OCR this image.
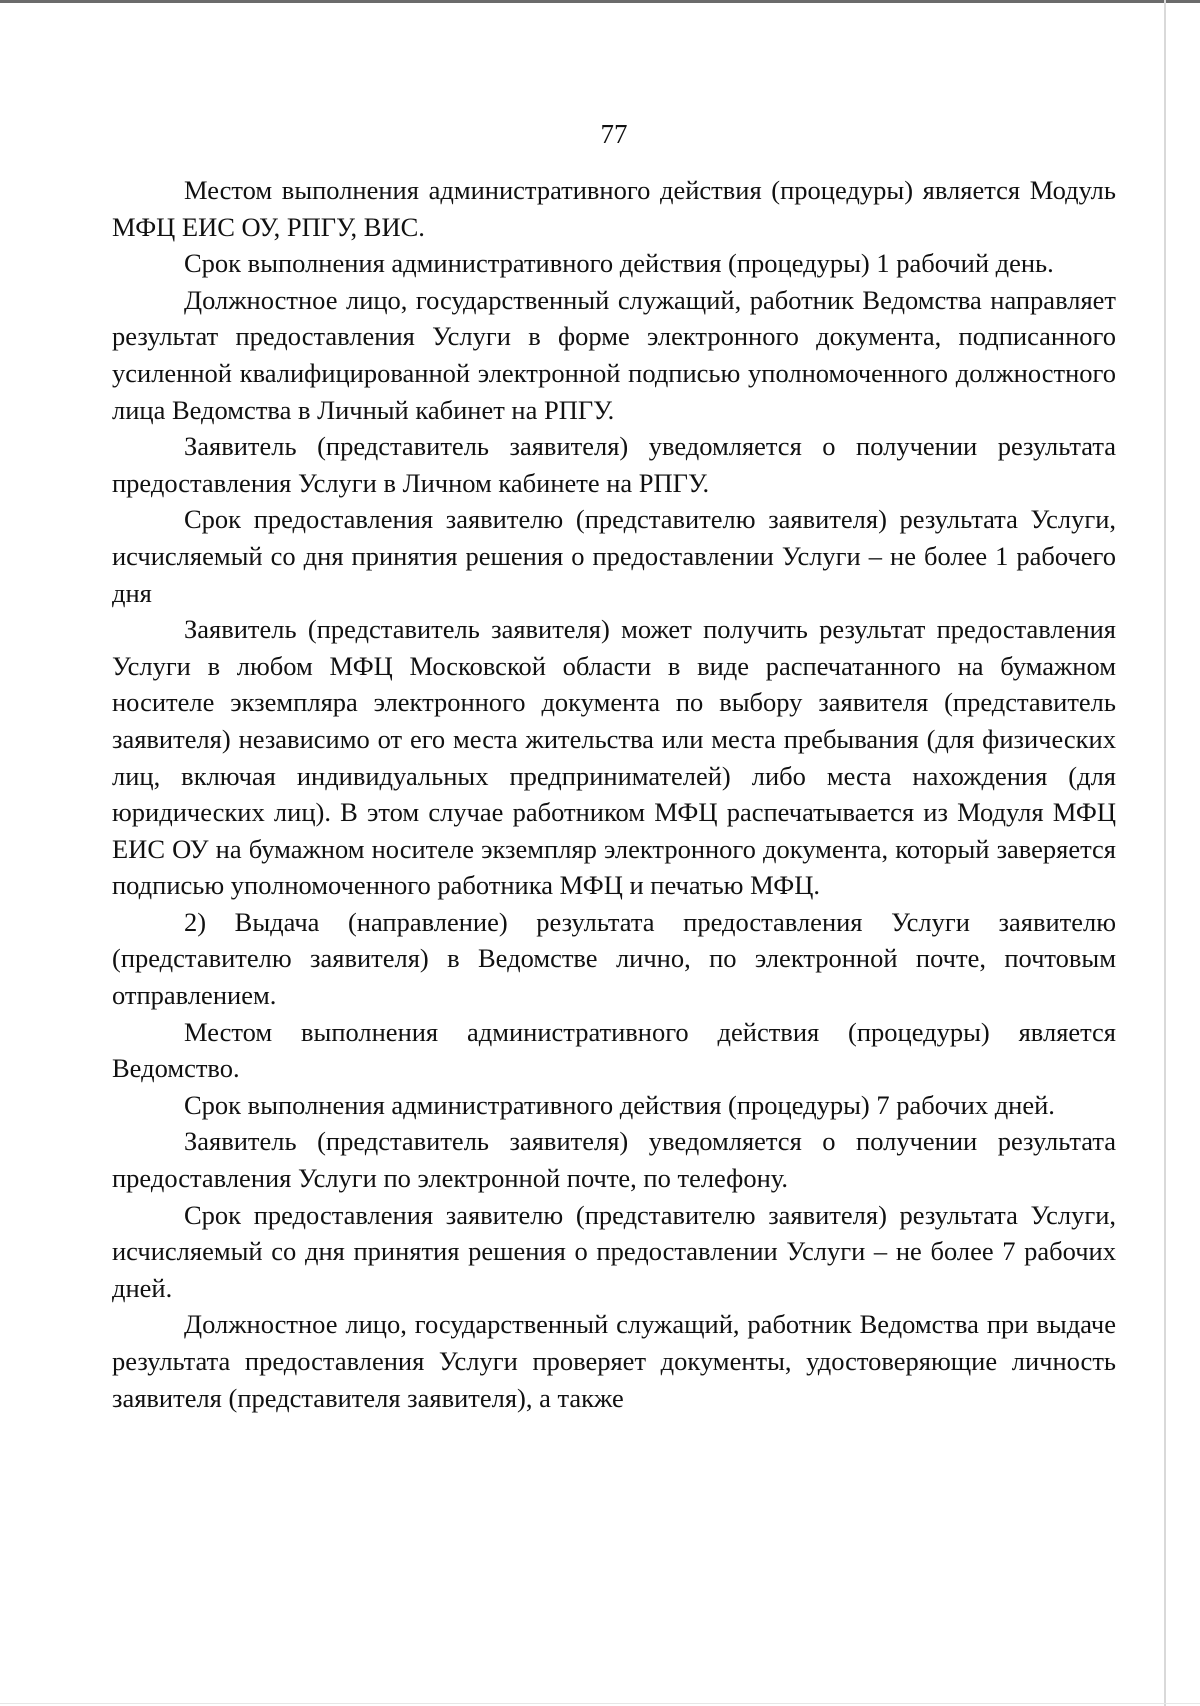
77

Местом выполнения административного действия (процедуры) является Модуль МФЦ ЕИС ОУ, РПГУ, ВИС.

Срок выполнения административного действия (процедуры) 1 рабочий день.

Должностное лицо, государственный служащий, работник Ведомства направляет результат предоставления Услуги в форме электронного документа, подписанного усиленной квалифицированной электронной подписью уполномоченного должностного лица Ведомства в Личный кабинет на РПГУ.

Заявитель (представитель заявителя) уведомляется о получении результата предоставления Услуги в Личном кабинете на РПГУ.

Срок предоставления заявителю (представителю заявителя) результата Услуги, исчисляемый со дня принятия решения о предоставлении Услуги – не более 1 рабочего дня

Заявитель (представитель заявителя) может получить результат предоставления Услуги в любом МФЦ Московской области в виде распечатанного на бумажном носителе экземпляра электронного документа по выбору заявителя (представитель заявителя) независимо от его места жительства или места пребывания (для физических лиц, включая индивидуальных предпринимателей) либо места нахождения (для юридических лиц). В этом случае работником МФЦ распечатывается из Модуля МФЦ ЕИС ОУ на бумажном носителе экземпляр электронного документа, который заверяется подписью уполномоченного работника МФЦ и печатью МФЦ.

2) Выдача (направление) результата предоставления Услуги заявителю (представителю заявителя) в Ведомстве лично, по электронной почте, почтовым отправлением.

Местом выполнения административного действия (процедуры) является Ведомство.

Срок выполнения административного действия (процедуры) 7 рабочих дней.

Заявитель (представитель заявителя) уведомляется о получении результата предоставления Услуги по электронной почте, по телефону.

Срок предоставления заявителю (представителю заявителя) результата Услуги, исчисляемый со дня принятия решения о предоставлении Услуги – не более 7 рабочих дней.

Должностное лицо, государственный служащий, работник Ведомства при выдаче результата предоставления Услуги проверяет документы, удостоверяющие личность заявителя (представителя заявителя), а также
